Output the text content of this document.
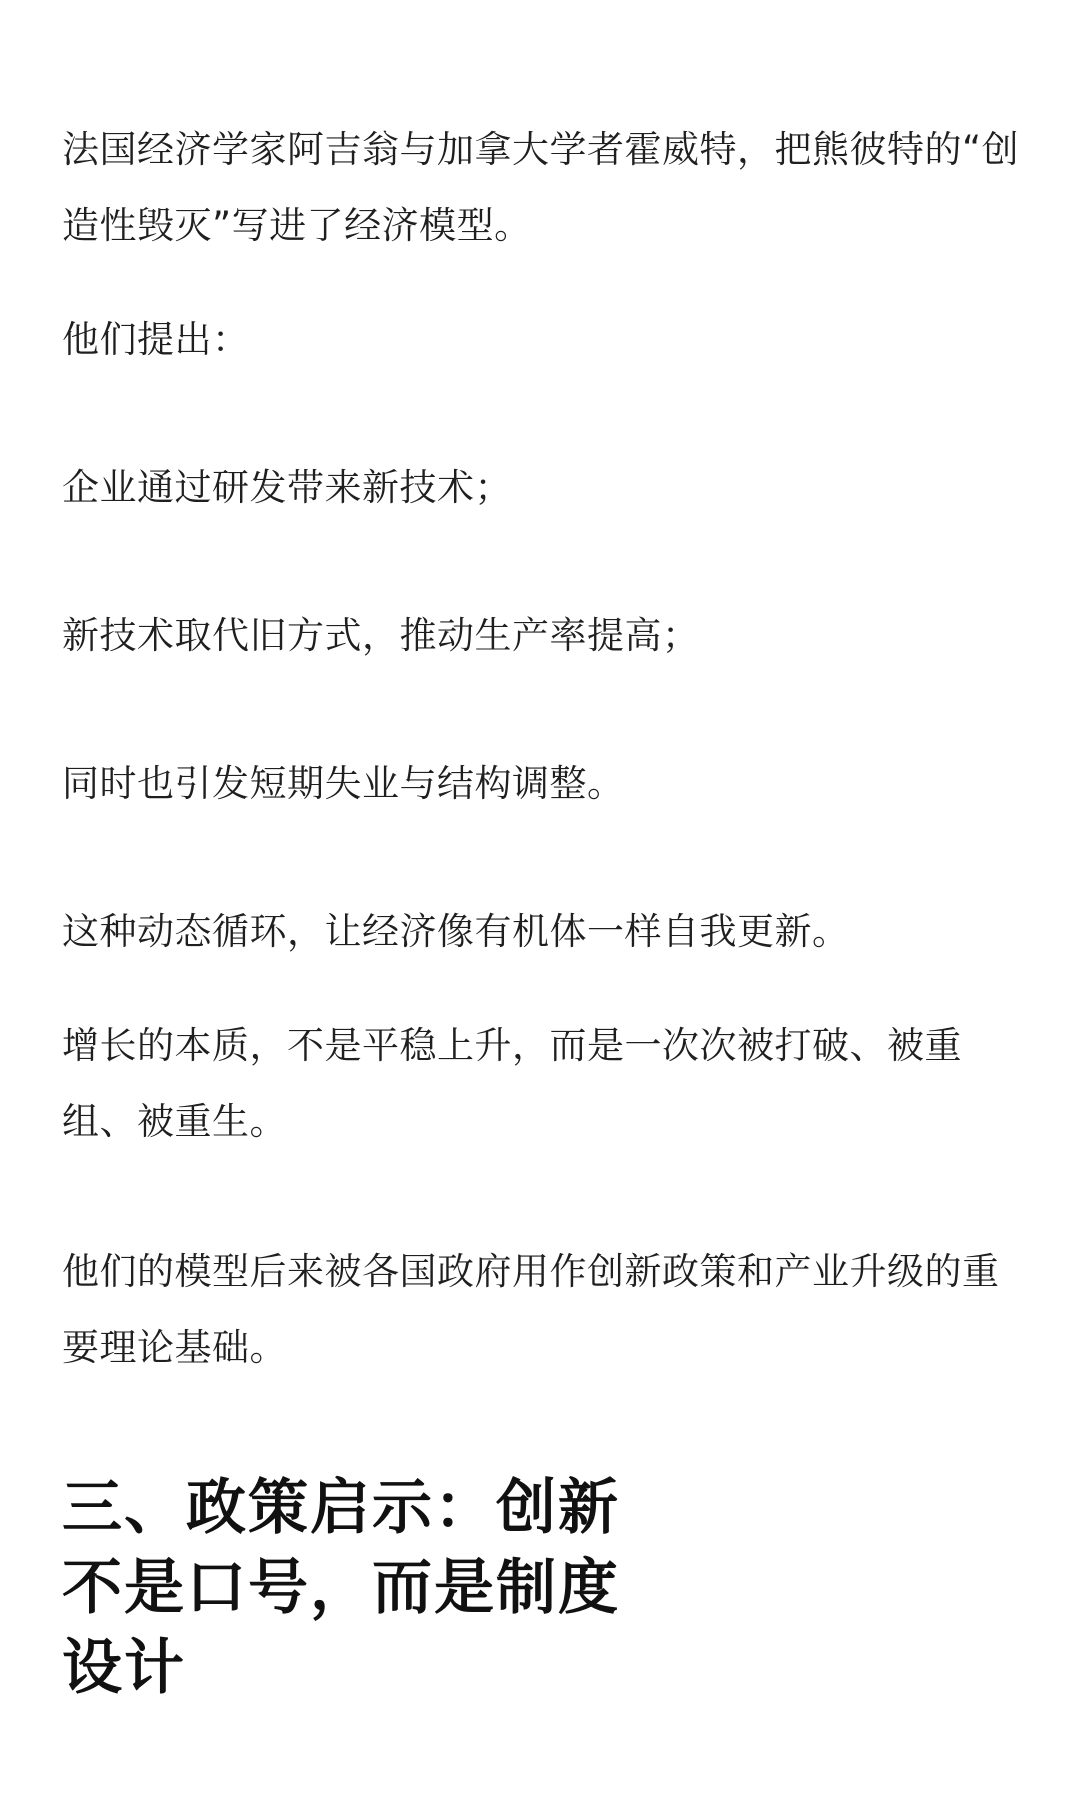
法国经济学家阿吉翁与加拿大学者霍威特，把熊彼特的“创造性毁灭”写进了经济模型。

他们提出：

企业通过研发带来新技术；

新技术取代旧方式，推动生产率提高；

同时也引发短期失业与结构调整。

这种动态循环，让经济像有机体一样自我更新。

增长的本质，不是平稳上升，而是一次次被打破、被重组、被重生。

他们的模型后来被各国政府用作创新政策和产业升级的重要理论基础。

三、政策启示：创新不是口号，而是制度设计
